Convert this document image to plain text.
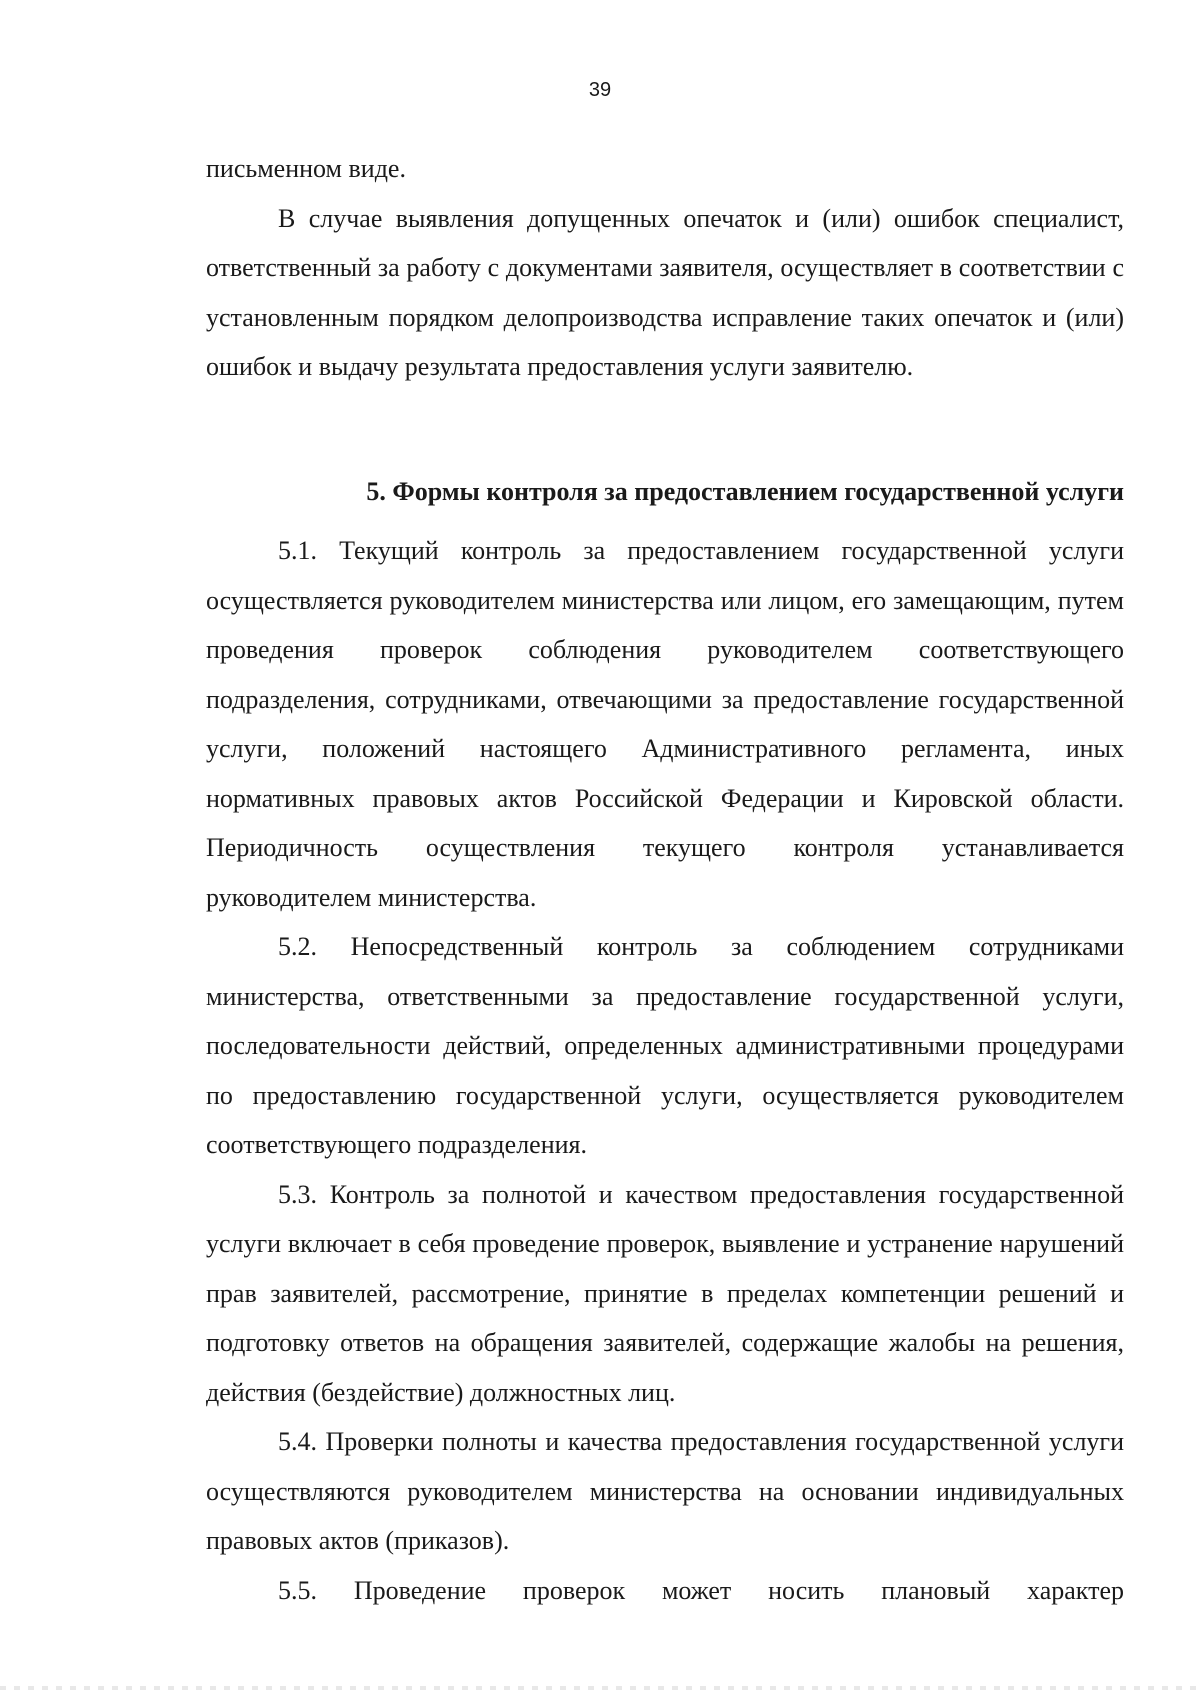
39

письменном виде.

В случае выявления допущенных опечаток и (или) ошибок специалист, ответственный за работу с документами заявителя, осуществляет в соответствии с установленным порядком делопроизводства исправление таких опечаток и (или) ошибок и выдачу результата предоставления услуги заявителю.

5. Формы контроля за предоставлением государственной услуги

5.1. Текущий контроль за предоставлением государственной услуги осуществляется руководителем министерства или лицом, его замещающим, путем проведения проверок соблюдения руководителем соответствующего подразделения, сотрудниками, отвечающими за предоставление государственной услуги, положений настоящего Административного регламента, иных нормативных правовых актов Российской Федерации и Кировской области. Периодичность осуществления текущего контроля устанавливается руководителем министерства.

5.2. Непосредственный контроль за соблюдением сотрудниками министерства, ответственными за предоставление государственной услуги, последовательности действий, определенных административными процедурами по предоставлению государственной услуги, осуществляется руководителем соответствующего подразделения.

5.3. Контроль за полнотой и качеством предоставления государственной услуги включает в себя проведение проверок, выявление и устранение нарушений прав заявителей, рассмотрение, принятие в пределах компетенции решений и подготовку ответов на обращения заявителей, содержащие жалобы на решения, действия (бездействие) должностных лиц.

5.4. Проверки полноты и качества предоставления государственной услуги осуществляются руководителем министерства на основании индивидуальных правовых актов (приказов).

5.5. Проведение проверок может носить плановый характер
